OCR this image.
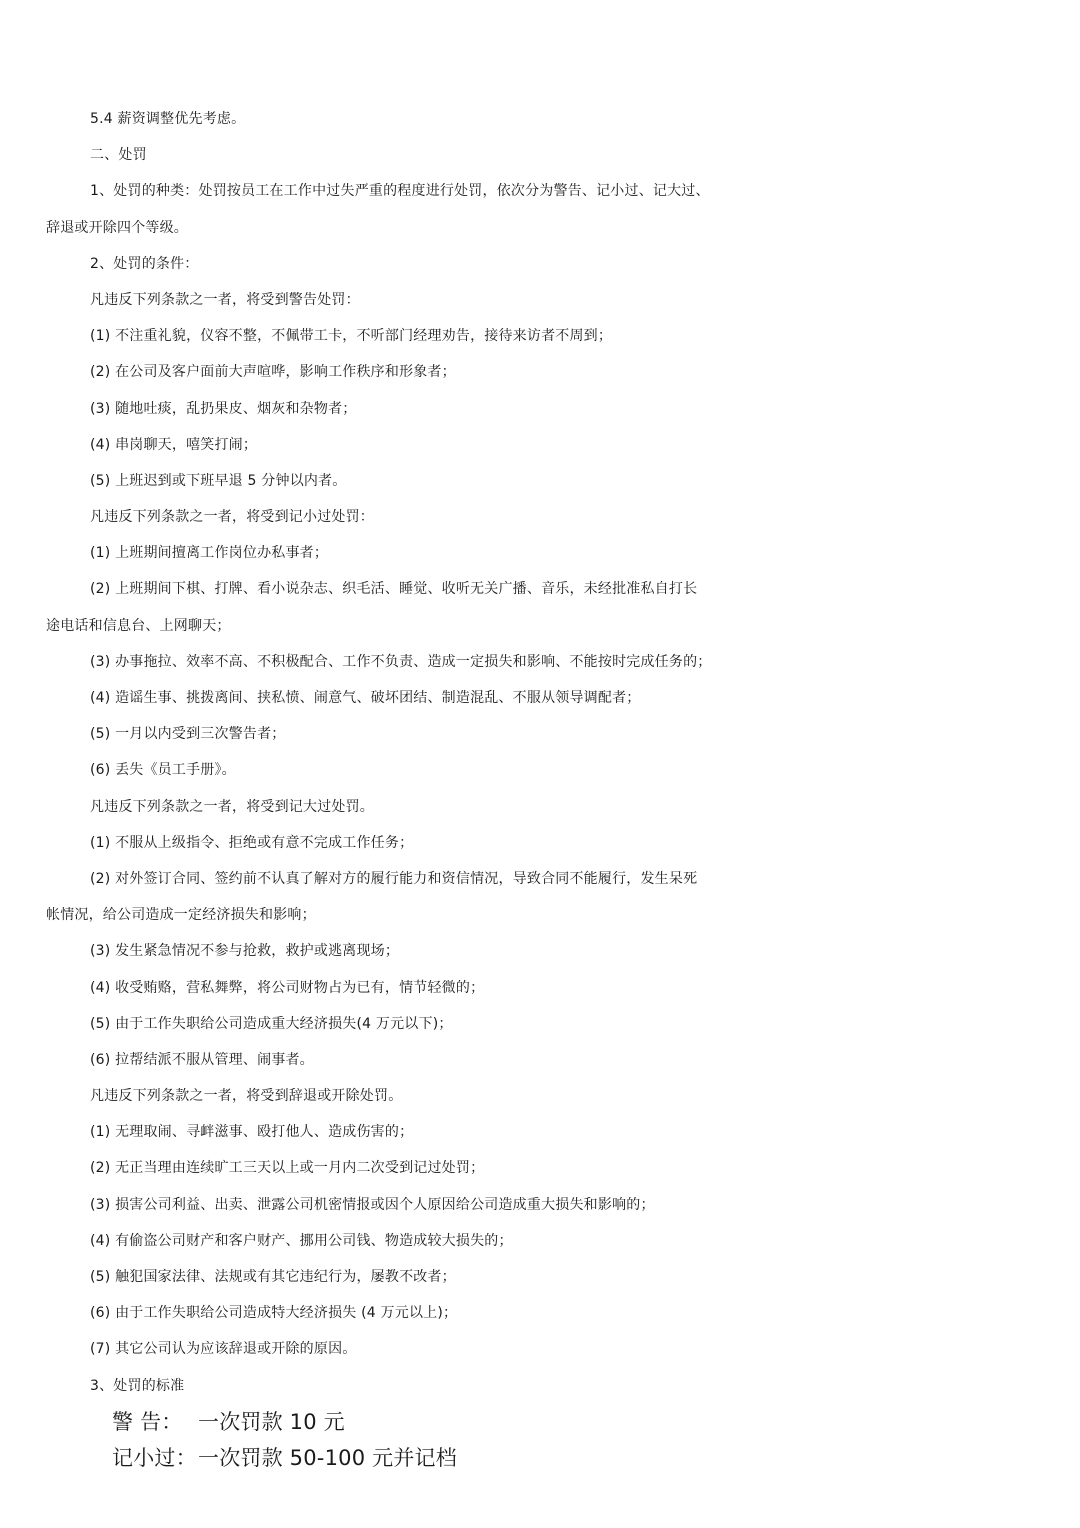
5.4 薪资调整优先考虑。
二、处罚
1、处罚的种类：处罚按员工在工作中过失严重的程度进行处罚，依次分为警告、记小过、记大过、
辞退或开除四个等级。
2、处罚的条件：
凡违反下列条款之一者，将受到警告处罚：
(1) 不注重礼貌，仪容不整，不佩带工卡，不听部门经理劝告，接待来访者不周到；
(2) 在公司及客户面前大声喧哗，影响工作秩序和形象者；
(3) 随地吐痰，乱扔果皮、烟灰和杂物者；
(4) 串岗聊天，嘻笑打闹；
(5) 上班迟到或下班早退 5 分钟以内者。
凡违反下列条款之一者，将受到记小过处罚：
(1) 上班期间擅离工作岗位办私事者；
(2) 上班期间下棋、打牌、看小说杂志、织毛活、睡觉、收听无关广播、音乐，未经批准私自打长
途电话和信息台、上网聊天；
(3) 办事拖拉、效率不高、不积极配合、工作不负责、造成一定损失和影响、不能按时完成任务的；
(4) 造谣生事、挑拨离间、挟私愤、闹意气、破坏团结、制造混乱、不服从领导调配者；
(5) 一月以内受到三次警告者；
(6) 丢失《员工手册》。
凡违反下列条款之一者，将受到记大过处罚。
(1) 不服从上级指令、拒绝或有意不完成工作任务；
(2) 对外签订合同、签约前不认真了解对方的履行能力和资信情况，导致合同不能履行，发生呆死
帐情况，给公司造成一定经济损失和影响；
(3) 发生紧急情况不参与抢救，救护或逃离现场；
(4) 收受贿赂，营私舞弊，将公司财物占为已有，情节轻微的；
(5) 由于工作失职给公司造成重大经济损失(4 万元以下)；
(6) 拉帮结派不服从管理、闹事者。
凡违反下列条款之一者，将受到辞退或开除处罚。
(1) 无理取闹、寻衅滋事、殴打他人、造成伤害的；
(2) 无正当理由连续旷工三天以上或一月内二次受到记过处罚；
(3) 损害公司利益、出卖、泄露公司机密情报或因个人原因给公司造成重大损失和影响的；
(4) 有偷盗公司财产和客户财产、挪用公司钱、物造成较大损失的；
(5) 触犯国家法律、法规或有其它违纪行为，屡教不改者；
(6) 由于工作失职给公司造成特大经济损失 (4 万元以上)；
(7) 其它公司认为应该辞退或开除的原因。
3、处罚的标准
警 告： 一次罚款 10 元
记小过：一次罚款 50-100 元并记档
